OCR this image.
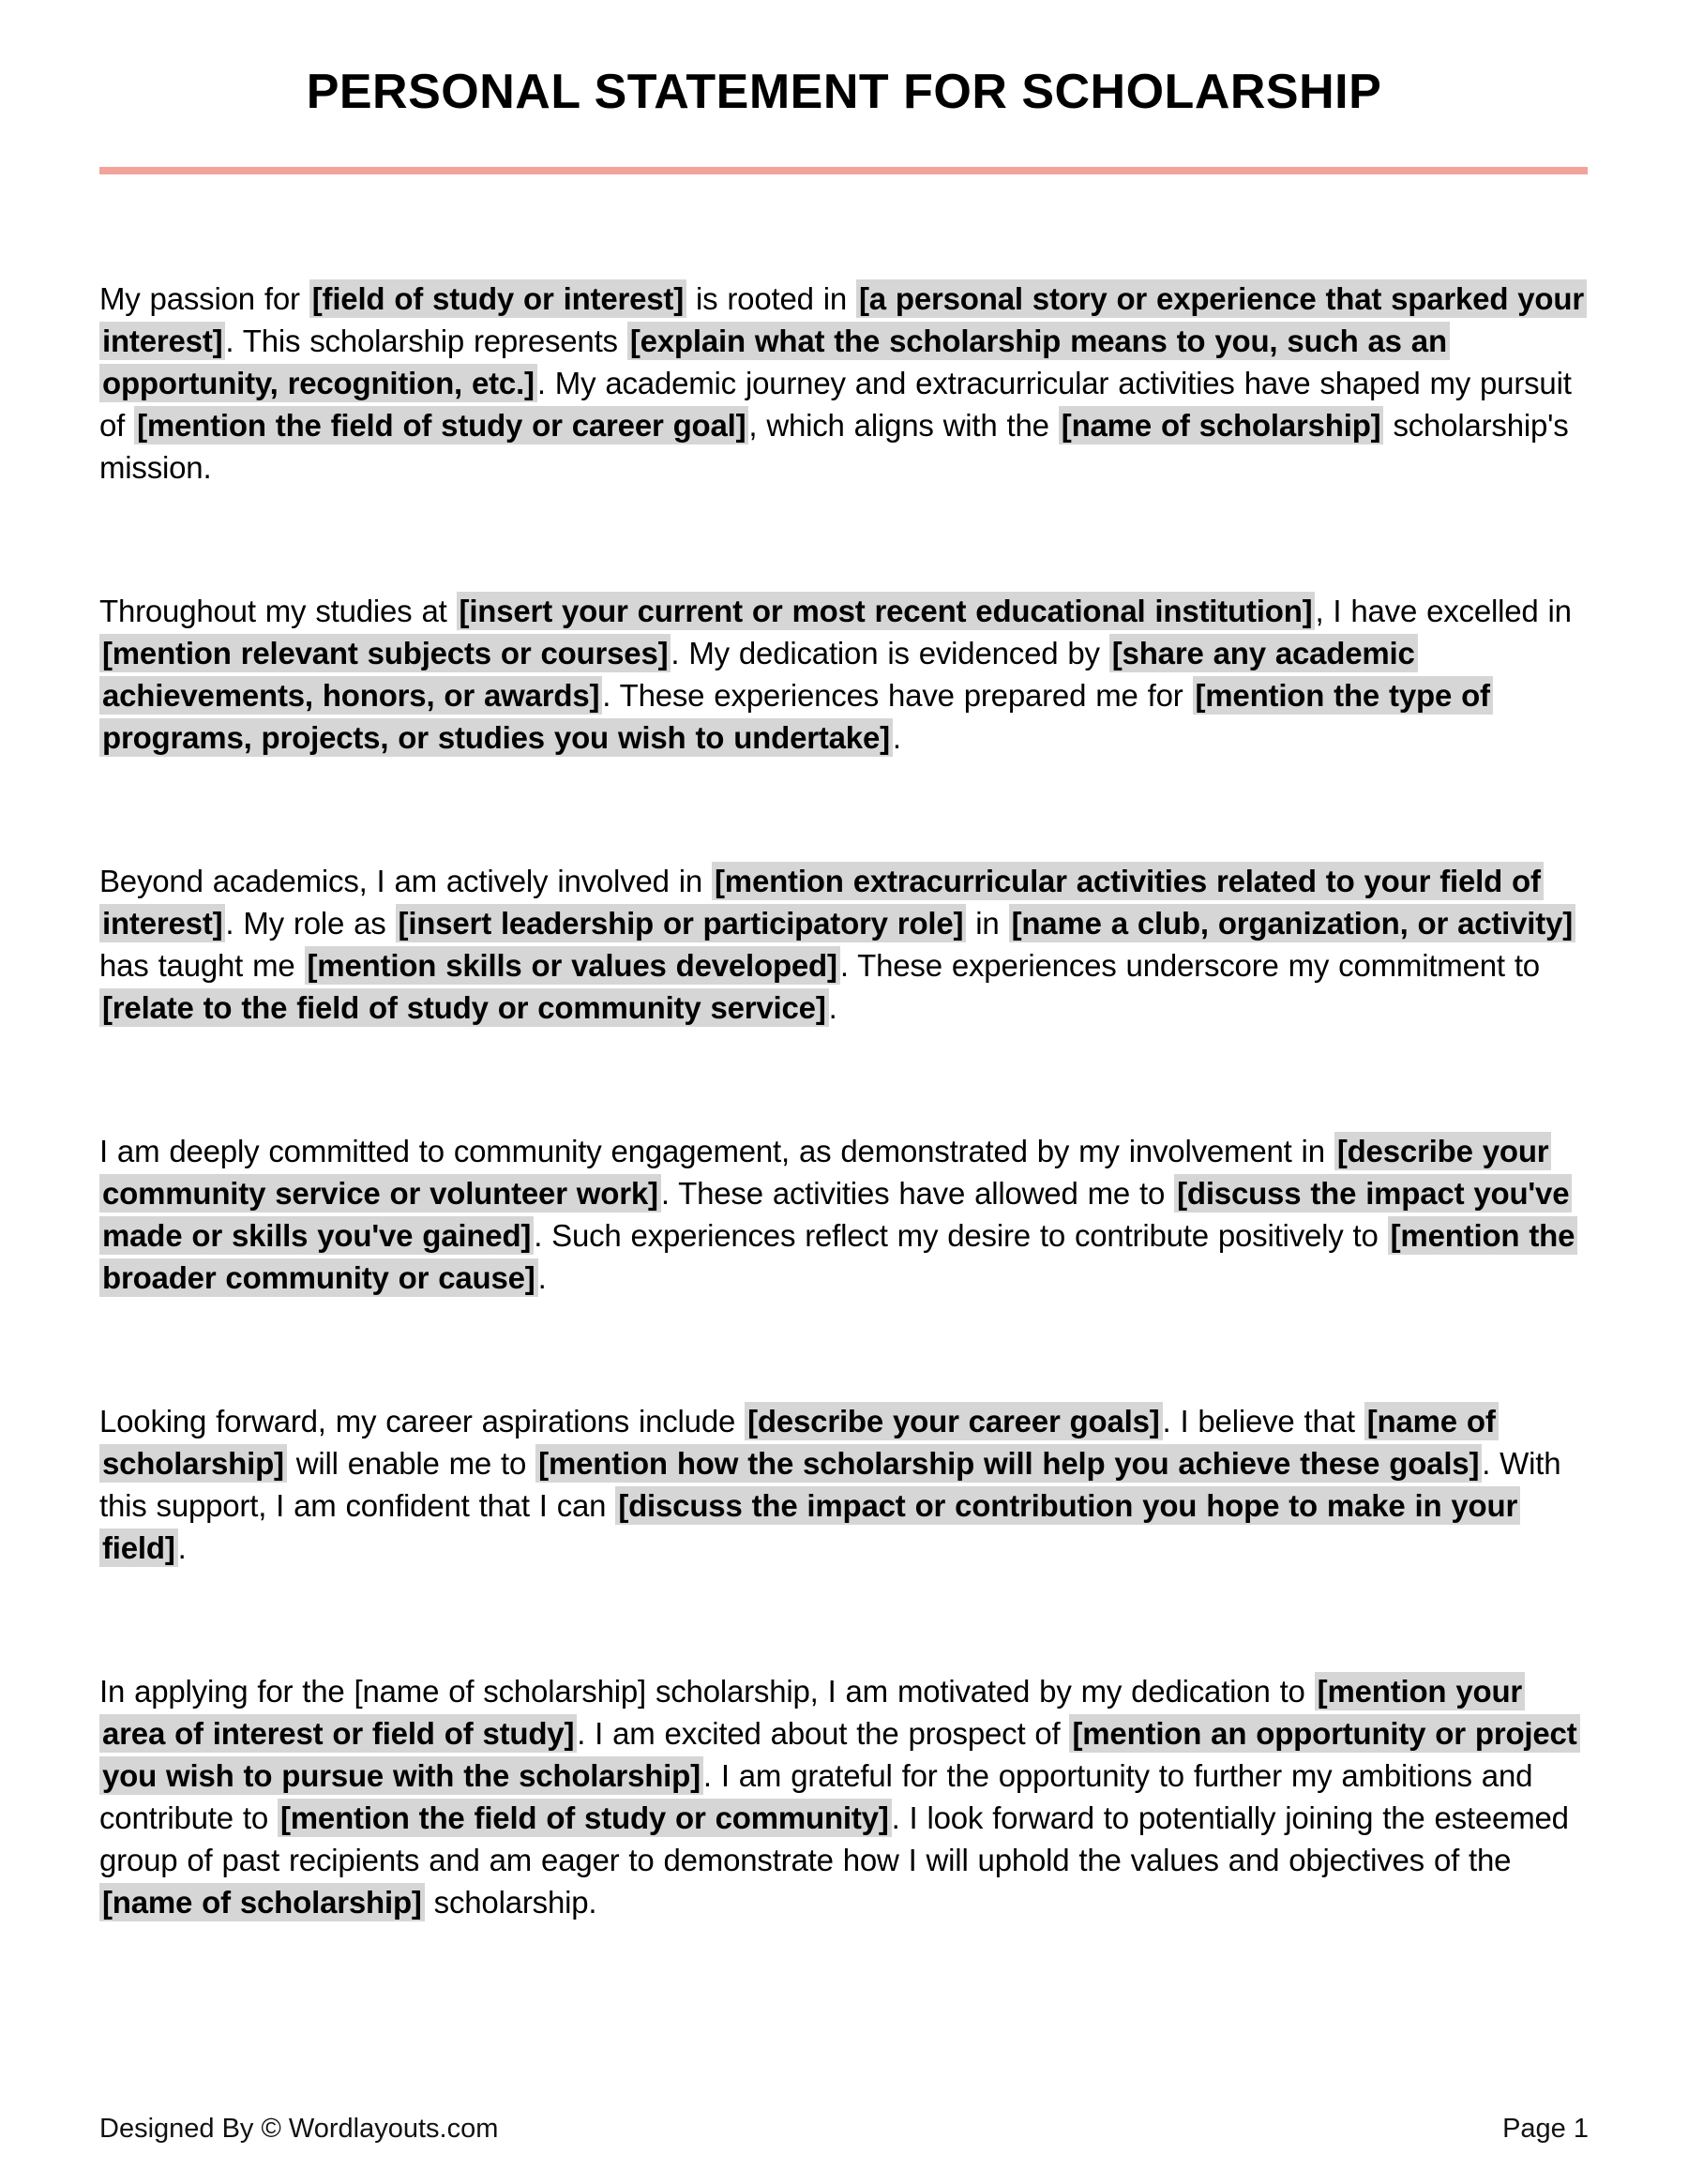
PERSONAL STATEMENT FOR SCHOLARSHIP

My passion for [field of study or interest] is rooted in [a personal story or experience that sparked your interest]. This scholarship represents [explain what the scholarship means to you, such as an opportunity, recognition, etc.]. My academic journey and extracurricular activities have shaped my pursuit of [mention the field of study or career goal], which aligns with the [name of scholarship] scholarship's mission.

Throughout my studies at [insert your current or most recent educational institution], I have excelled in [mention relevant subjects or courses]. My dedication is evidenced by [share any academic achievements, honors, or awards]. These experiences have prepared me for [mention the type of programs, projects, or studies you wish to undertake].

Beyond academics, I am actively involved in [mention extracurricular activities related to your field of interest]. My role as [insert leadership or participatory role] in [name a club, organization, or activity] has taught me [mention skills or values developed]. These experiences underscore my commitment to [relate to the field of study or community service].

I am deeply committed to community engagement, as demonstrated by my involvement in [describe your community service or volunteer work]. These activities have allowed me to [discuss the impact you've made or skills you've gained]. Such experiences reflect my desire to contribute positively to [mention the broader community or cause].

Looking forward, my career aspirations include [describe your career goals]. I believe that [name of scholarship] will enable me to [mention how the scholarship will help you achieve these goals]. With this support, I am confident that I can [discuss the impact or contribution you hope to make in your field].

In applying for the [name of scholarship] scholarship, I am motivated by my dedication to [mention your area of interest or field of study]. I am excited about the prospect of [mention an opportunity or project you wish to pursue with the scholarship]. I am grateful for the opportunity to further my ambitions and contribute to [mention the field of study or community]. I look forward to potentially joining the esteemed group of past recipients and am eager to demonstrate how I will uphold the values and objectives of the [name of scholarship] scholarship.

Designed By © Wordlayouts.com	Page 1
